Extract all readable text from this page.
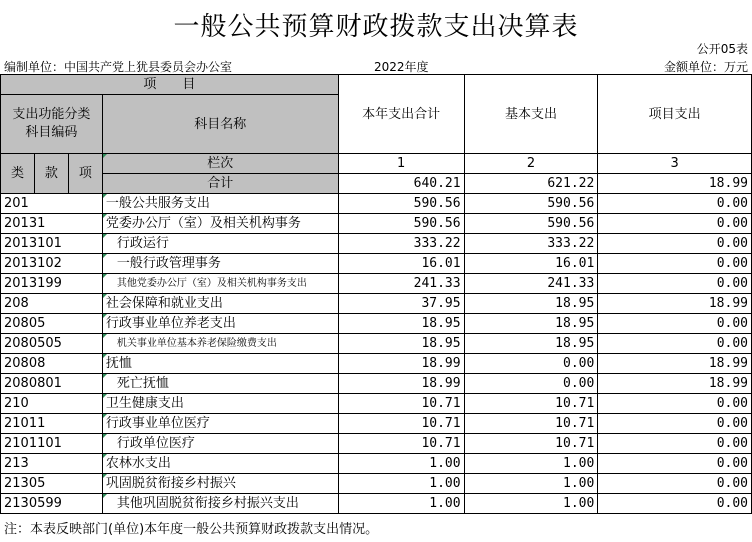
一般公共预算财政拨款支出决算表
公开05表
编制单位：中国共产党上犹县委员会办公室	2022年度	金额单位：万元
项　　目				本年支出合计	基本支出	项目支出
支出功能分类
科目编码			科目名称			

类	款	项	栏次	1	2	3
			合计	640.21	621.22	18.99
201			一般公共服务支出	590.56	590.56	0.00
20131			党委办公厅（室）及相关机构事务	590.56	590.56	0.00
2013101			行政运行	333.22	333.22	0.00
2013102			一般行政管理事务	16.01	16.01	0.00
2013199			其他党委办公厅（室）及相关机构事务支出	241.33	241.33	0.00
208			社会保障和就业支出	37.95	18.95	18.99
20805			行政事业单位养老支出	18.95	18.95	0.00
2080505			机关事业单位基本养老保险缴费支出	18.95	18.95	0.00
20808			抚恤	18.99	0.00	18.99
2080801			死亡抚恤	18.99	0.00	18.99
210			卫生健康支出	10.71	10.71	0.00
21011			行政事业单位医疗	10.71	10.71	0.00
2101101			行政单位医疗	10.71	10.71	0.00
213			农林水支出	1.00	1.00	0.00
21305			巩固脱贫衔接乡村振兴	1.00	1.00	0.00
2130599			其他巩固脱贫衔接乡村振兴支出	1.00	1.00	0.00
注：本表反映部门(单位)本年度一般公共预算财政拨款支出情况。
